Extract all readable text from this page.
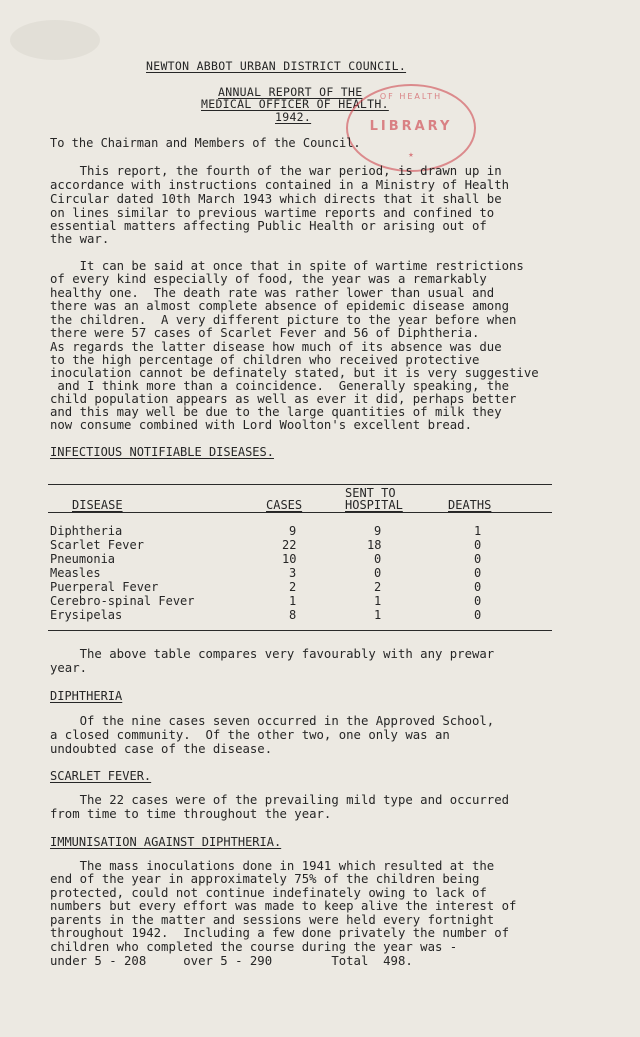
NEWTON ABBOT URBAN DISTRICT COUNCIL.
ANNUAL REPORT OF THE
MEDICAL OFFICER OF HEALTH.
1942.
OF HEALTH
LIBRARY
★
To the Chairman and Members of the Council.
This report, the fourth of the war period, is drawn up in
accordance with instructions contained in a Ministry of Health
Circular dated 10th March 1943 which directs that it shall be
on lines similar to previous wartime reports and confined to
essential matters affecting Public Health or arising out of
the war.
It can be said at once that in spite of wartime restrictions
of every kind especially of food, the year was a remarkably
healthy one.  The death rate was rather lower than usual and
there was an almost complete absence of epidemic disease among
the children.  A very different picture to the year before when
there were 57 cases of Scarlet Fever and 56 of Diphtheria.
As regards the latter disease how much of its absence was due
to the high percentage of children who received protective
inoculation cannot be definately stated, but it is very suggestive
and I think more than a coincidence.  Generally speaking, the
child population appears as well as ever it did, perhaps better
and this may well be due to the large quantities of milk they
now consume combined with Lord Woolton's excellent bread.
INFECTIOUS NOTIFIABLE DISEASES.
SENT TO
DISEASE	CASES	HOSPITAL	DEATHS
Diphtheria	9	9	1
Scarlet Fever	22	18	0
Pneumonia	10	0	0
Measles	3	0	0
Puerperal Fever	2	2	0
Cerebro-spinal Fever	1	1	0
Erysipelas	8	1	0
The above table compares very favourably with any prewar
year.
DIPHTHERIA
Of the nine cases seven occurred in the Approved School,
a closed community.  Of the other two, one only was an
undoubted case of the disease.
SCARLET FEVER.
The 22 cases were of the prevailing mild type and occurred
from time to time throughout the year.
IMMUNISATION AGAINST DIPHTHERIA.
The mass inoculations done in 1941 which resulted at the
end of the year in approximately 75% of the children being
protected, could not continue indefinately owing to lack of
numbers but every effort was made to keep alive the interest of
parents in the matter and sessions were held every fortnight
throughout 1942.  Including a few done privately the number of
children who completed the course during the year was -
under 5 - 208     over 5 - 290        Total  498.
